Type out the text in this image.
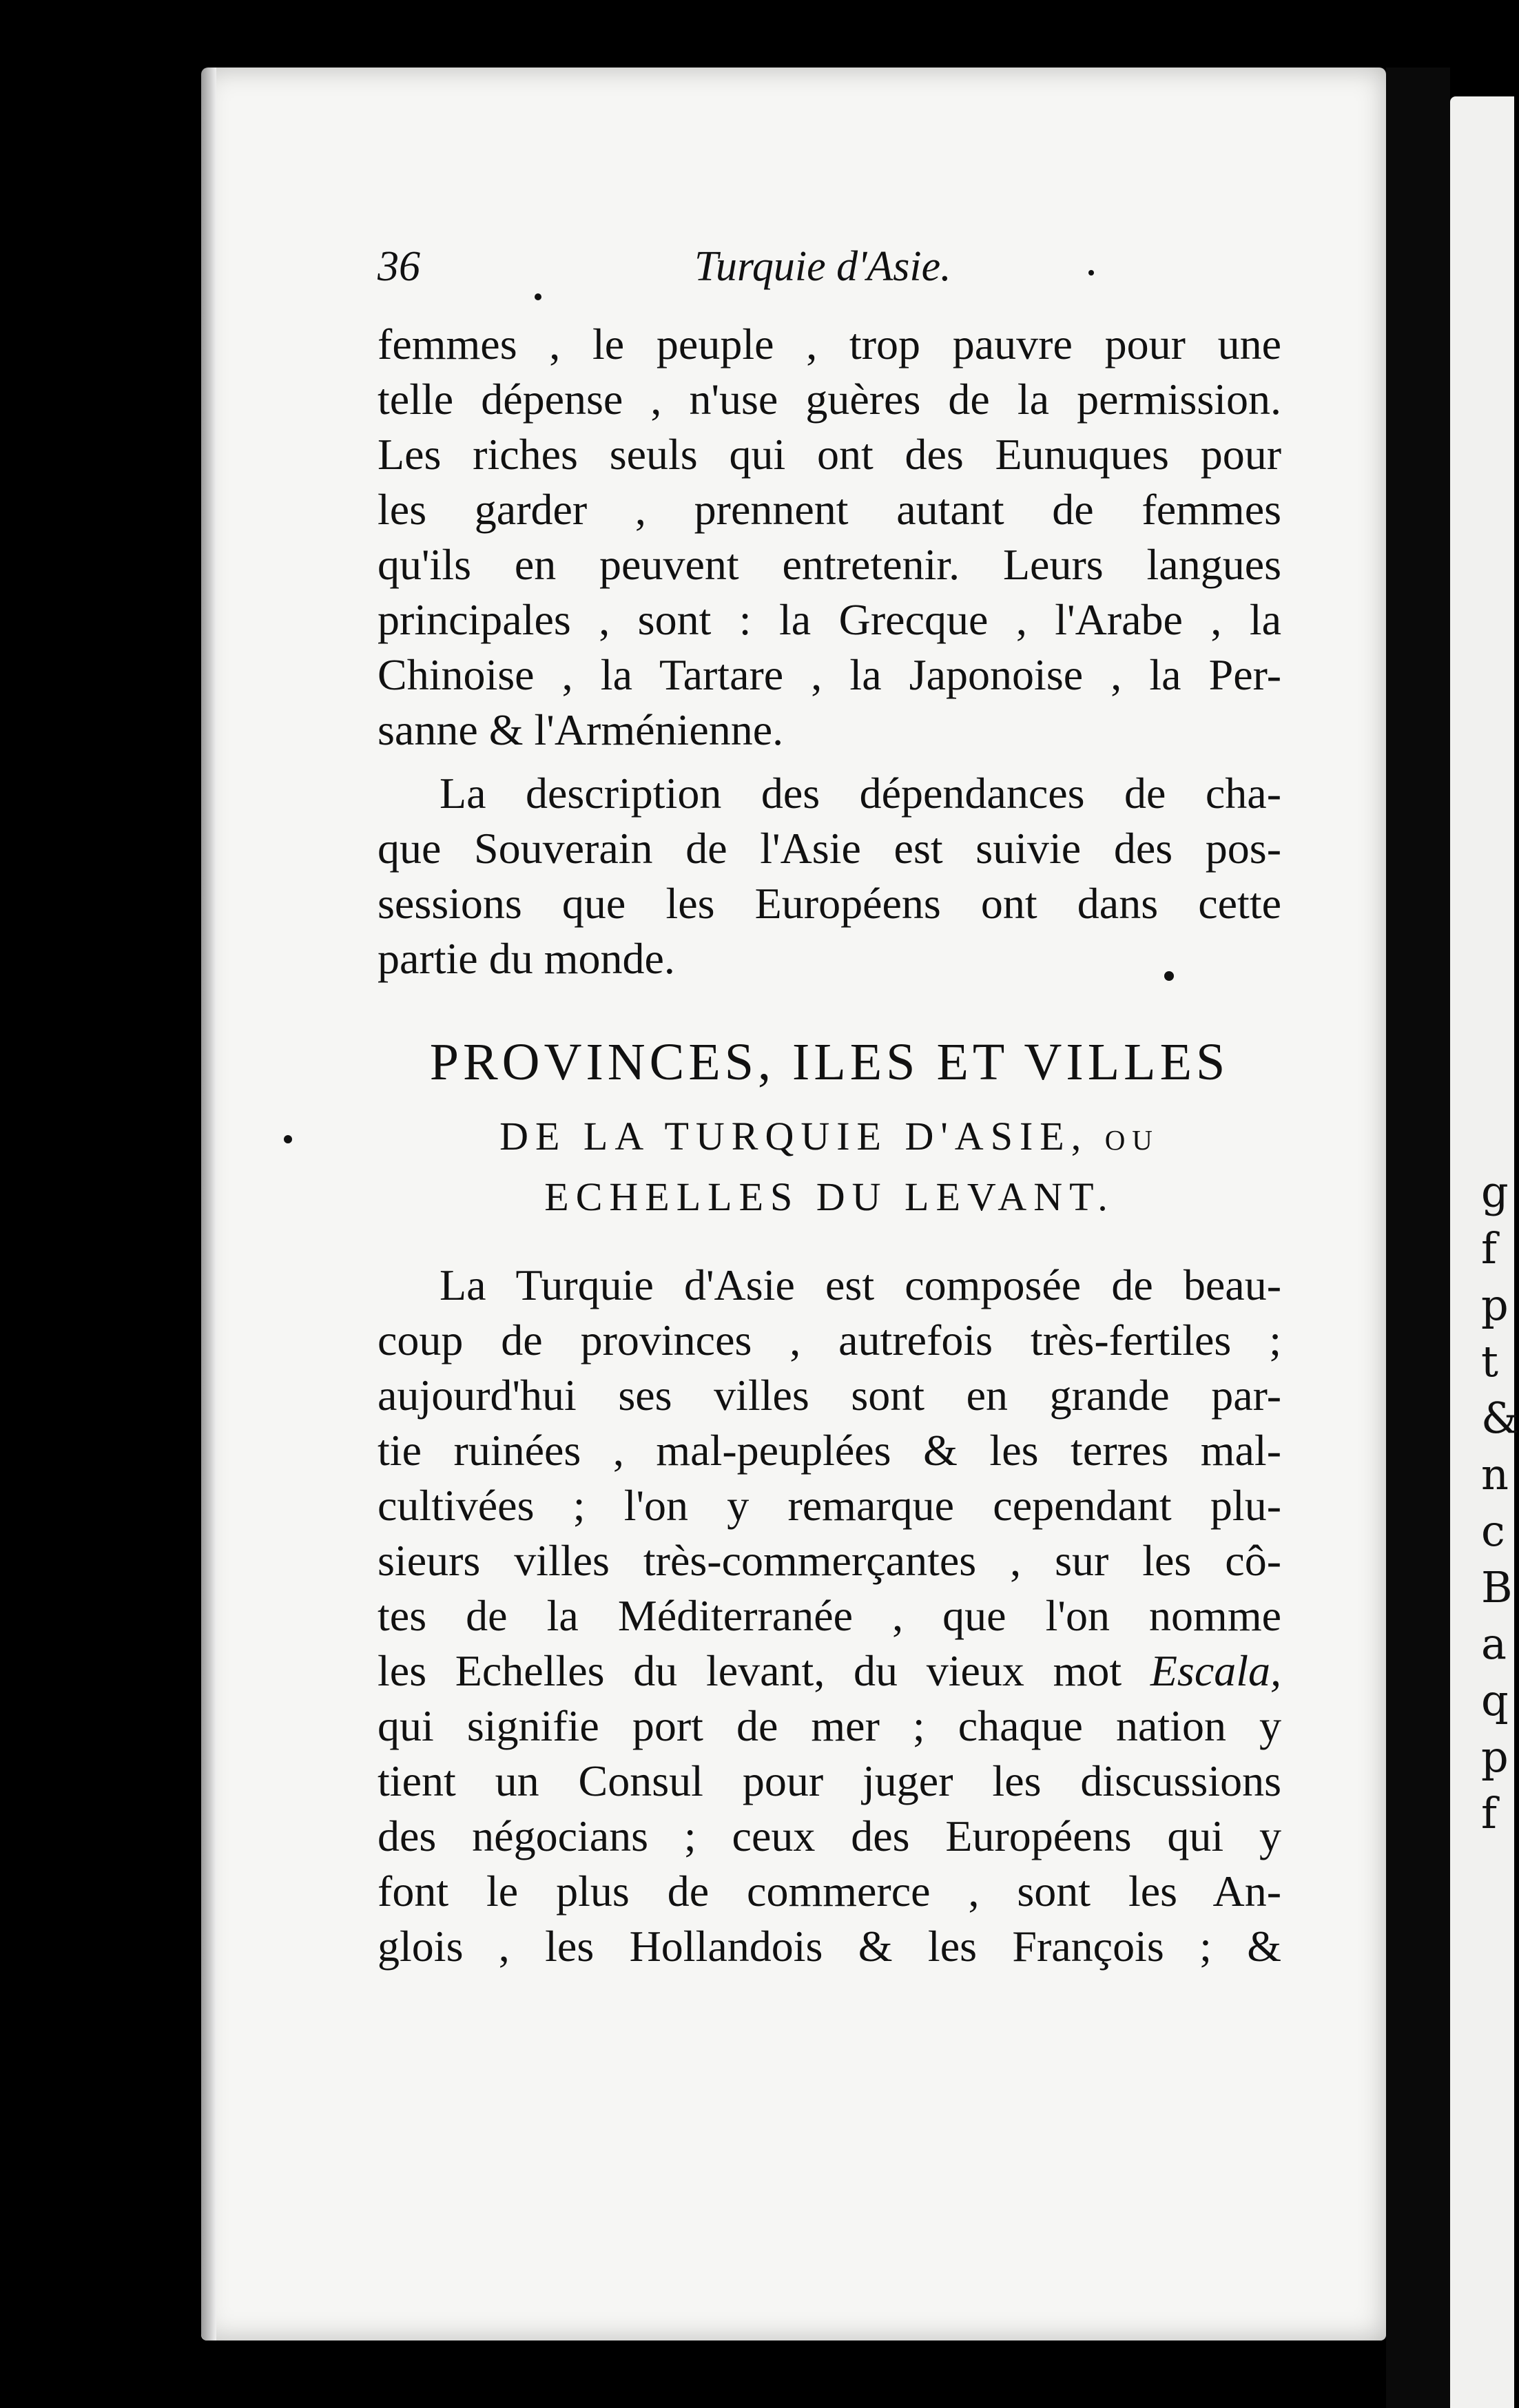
g
f
p
t
&
n
c
B
a
q
p
f
36	Turquie d'Asie.
femmes , le peuple , trop pauvre pour une
telle dépense , n'use guères de la permission.
Les riches seuls qui ont des Eunuques pour
les garder , prennent autant de femmes
qu'ils en peuvent entretenir. Leurs langues
principales , sont : la Grecque , l'Arabe , la
Chinoise , la Tartare , la Japonoise , la Per-
sanne & l'Arménienne.
La description des dépendances de cha-
que Souverain de l'Asie est suivie des pos-
sessions que les Européens ont dans cette
partie du monde.
PROVINCES, ILES ET VILLES
DE LA TURQUIE D'ASIE, ou
ECHELLES DU LEVANT.
La Turquie d'Asie est composée de beau-
coup de provinces , autrefois très-fertiles ;
aujourd'hui ses villes sont en grande par-
tie ruinées , mal-peuplées & les terres mal-
cultivées ; l'on y remarque cependant plu-
sieurs villes très-commerçantes , sur les cô-
tes de la Méditerranée , que l'on nomme
les Echelles du levant, du vieux mot Escala,
qui signifie port de mer ; chaque nation y
tient un Consul pour juger les discussions
des négocians ; ceux des Européens qui y
font le plus de commerce , sont les An-
glois , les Hollandois & les François ; &
